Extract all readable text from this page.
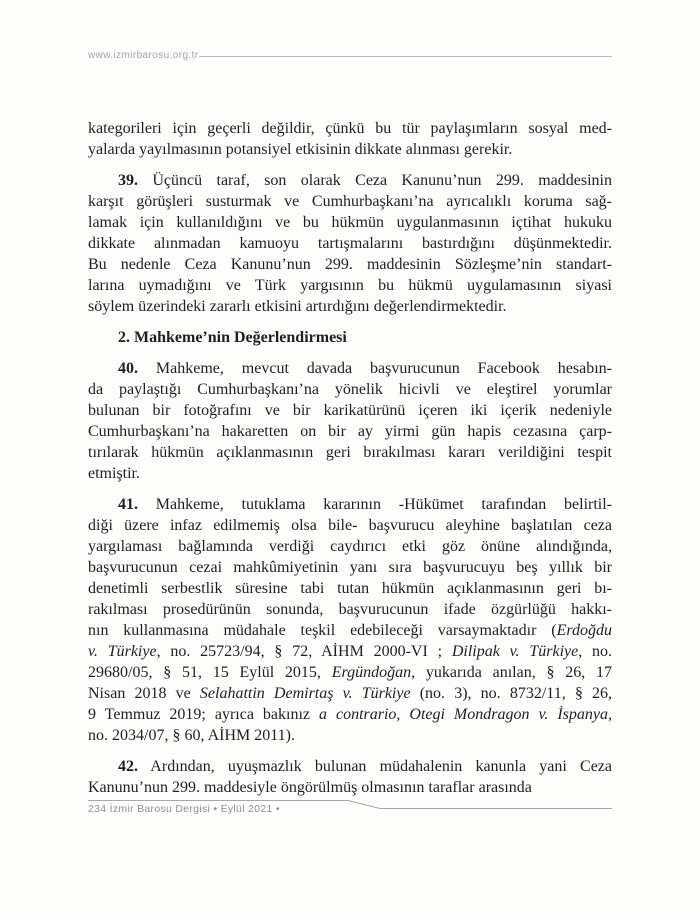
www.izmirbarosu.org.tr
kategorileri için geçerli değildir, çünkü bu tür paylaşımların sosyal med-
yalarda yayılmasının potansiyel etkisinin dikkate alınması gerekir.
39. Üçüncü taraf, son olarak Ceza Kanunu’nun 299. maddesinin
karşıt görüşleri susturmak ve Cumhurbaşkanı’na ayrıcalıklı koruma sağ-
lamak için kullanıldığını ve bu hükmün uygulanmasının içtihat hukuku
dikkate alınmadan kamuoyu tartışmalarını bastırdığını düşünmektedir.
Bu nedenle Ceza Kanunu’nun 299. maddesinin Sözleşme’nin standart-
larına uymadığını ve Türk yargısının bu hükmü uygulamasının siyasi
söylem üzerindeki zararlı etkisini artırdığını değerlendirmektedir.
2. Mahkeme’nin Değerlendirmesi
40. Mahkeme, mevcut davada başvurucunun Facebook hesabın-
da paylaştığı Cumhurbaşkanı’na yönelik hicivli ve eleştirel yorumlar
bulunan bir fotoğrafını ve bir karikatürünü içeren iki içerik nedeniyle
Cumhurbaşkanı’na hakaretten on bir ay yirmi gün hapis cezasına çarp-
tırılarak hükmün açıklanmasının geri bırakılması kararı verildiğini tespit
etmiştir.
41. Mahkeme, tutuklama kararının -Hükümet tarafından belirtil-
diği üzere infaz edilmemiş olsa bile- başvurucu aleyhine başlatılan ceza
yargılaması bağlamında verdiği caydırıcı etki göz önüne alındığında,
başvurucunun cezai mahkûmiyetinin yanı sıra başvurucuyu beş yıllık bir
denetimli serbestlik süresine tabi tutan hükmün açıklanmasının geri bı-
rakılması prosedürünün sonunda, başvurucunun ifade özgürlüğü hakkı-
nın kullanmasına müdahale teşkil edebileceği varsaymaktadır (Erdoğdu
v. Türkiye, no. 25723/94, § 72, AİHM 2000-VI ; Dilipak v. Türkiye, no.
29680/05, § 51, 15 Eylül 2015, Ergündoğan, yukarıda anılan, § 26, 17
Nisan 2018 ve Selahattin Demirtaş v. Türkiye (no. 3), no. 8732/11, § 26,
9 Temmuz 2019; ayrıca bakınız a contrario, Otegi Mondragon v. İspanya,
no. 2034/07, § 60, AİHM 2011).
42. Ardından, uyuşmazlık bulunan müdahalenin kanunla yani Ceza
Kanunu’nun 299. maddesiyle öngörülmüş olmasının taraflar arasında
234 İzmir Barosu Dergisi • Eylül 2021 •
